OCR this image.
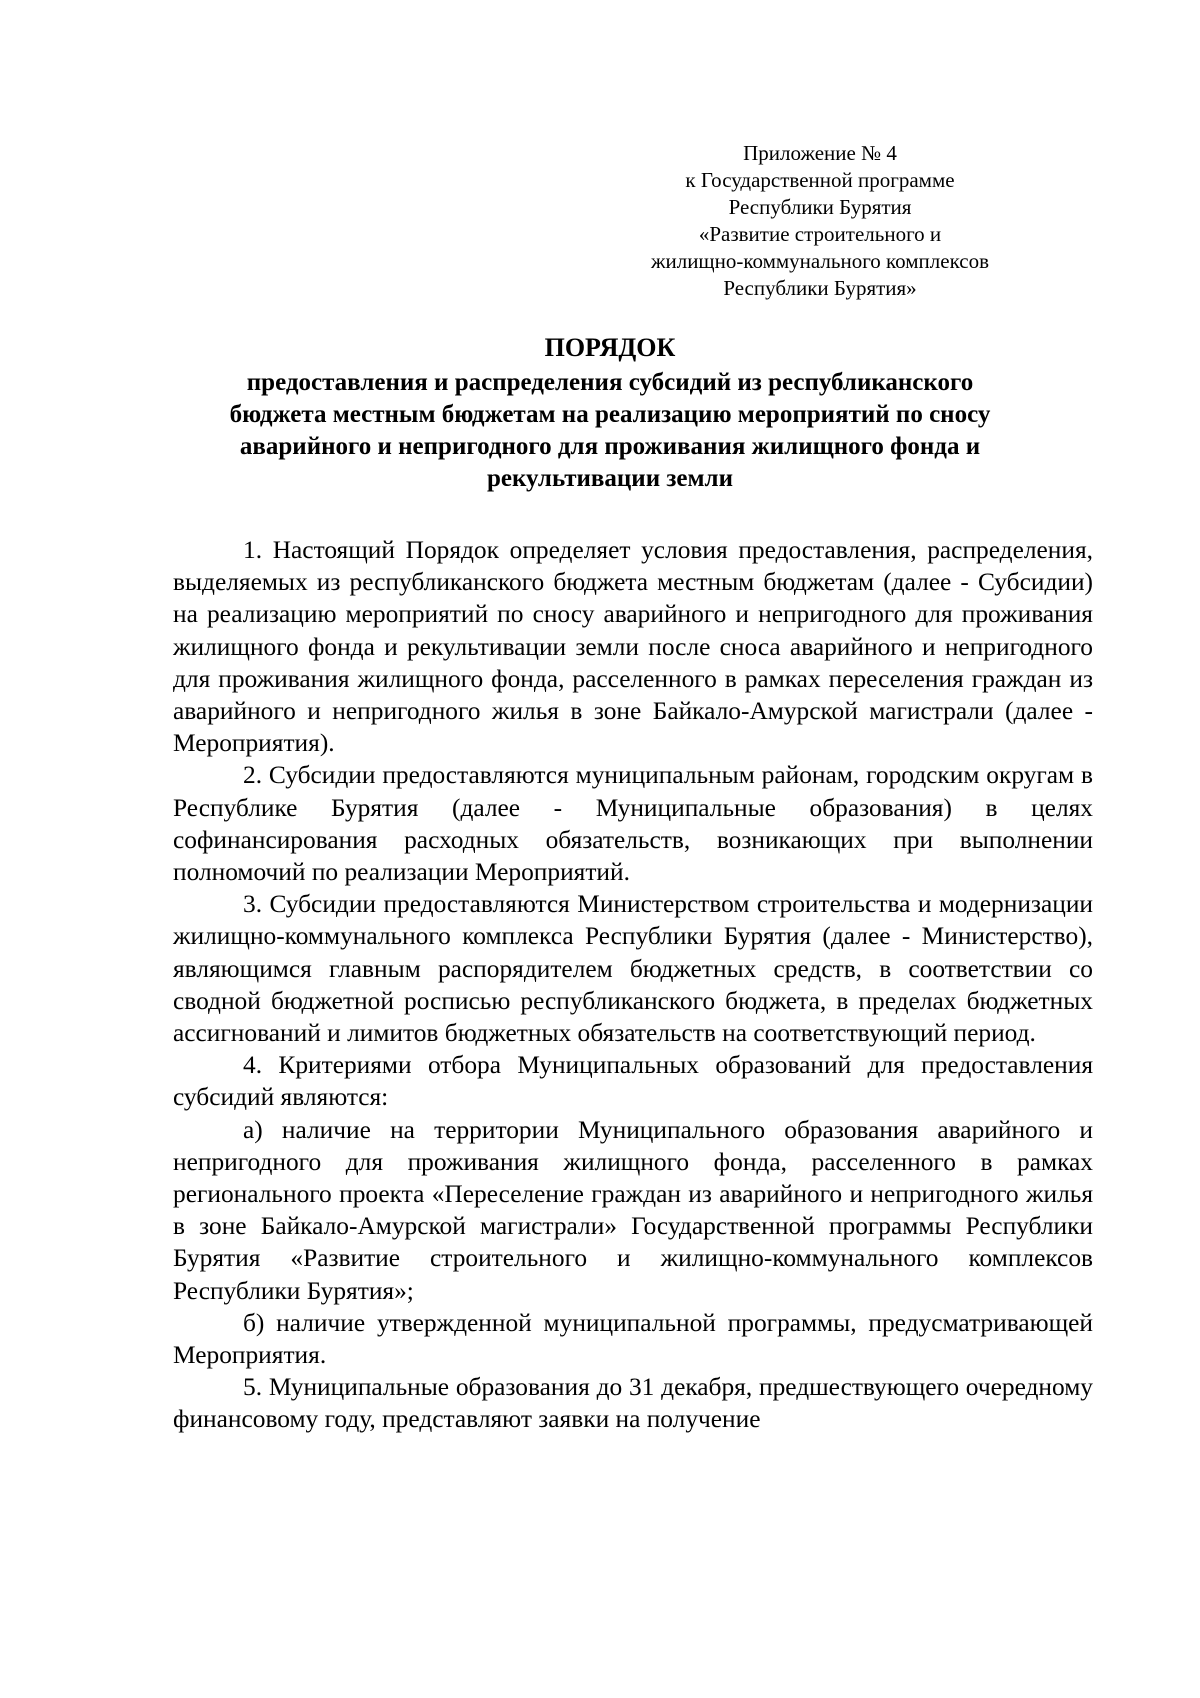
Приложение № 4
к Государственной программе
Республики Бурятия
«Развитие строительного и
жилищно-коммунального комплексов
Республики Бурятия»
ПОРЯДОК
предоставления и распределения субсидий из республиканского
бюджета местным бюджетам на реализацию мероприятий по сносу
аварийного и непригодного для проживания жилищного фонда и
рекультивации земли

1. Настоящий Порядок определяет условия предоставления, распределения, выделяемых из республиканского бюджета местным бюджетам (далее - Субсидии) на реализацию мероприятий по сносу аварийного и непригодного для проживания жилищного фонда и рекультивации земли после сноса аварийного и непригодного для проживания жилищного фонда, расселенного в рамках переселения граждан из аварийного и непригодного жилья в зоне Байкало-Амурской магистрали (далее - Мероприятия).

2. Субсидии предоставляются муниципальным районам, городским округам в Республике Бурятия (далее - Муниципальные образования) в целях софинансирования расходных обязательств, возникающих при выполнении полномочий по реализации Мероприятий.

3. Субсидии предоставляются Министерством строительства и модернизации жилищно-коммунального комплекса Республики Бурятия (далее - Министерство), являющимся главным распорядителем бюджетных средств, в соответствии со сводной бюджетной росписью республиканского бюджета, в пределах бюджетных ассигнований и лимитов бюджетных обязательств на соответствующий период.

4. Критериями отбора Муниципальных образований для предоставления субсидий являются:

а) наличие на территории Муниципального образования аварийного и непригодного для проживания жилищного фонда, расселенного в рамках регионального проекта «Переселение граждан из аварийного и непригодного жилья в зоне Байкало-Амурской магистрали» Государственной программы Республики Бурятия «Развитие строительного и жилищно-коммунального комплексов Республики Бурятия»;

б) наличие утвержденной муниципальной программы, предусматривающей Мероприятия.

5. Муниципальные образования до 31 декабря, предшествующего очередному финансовому году, представляют заявки на получение
